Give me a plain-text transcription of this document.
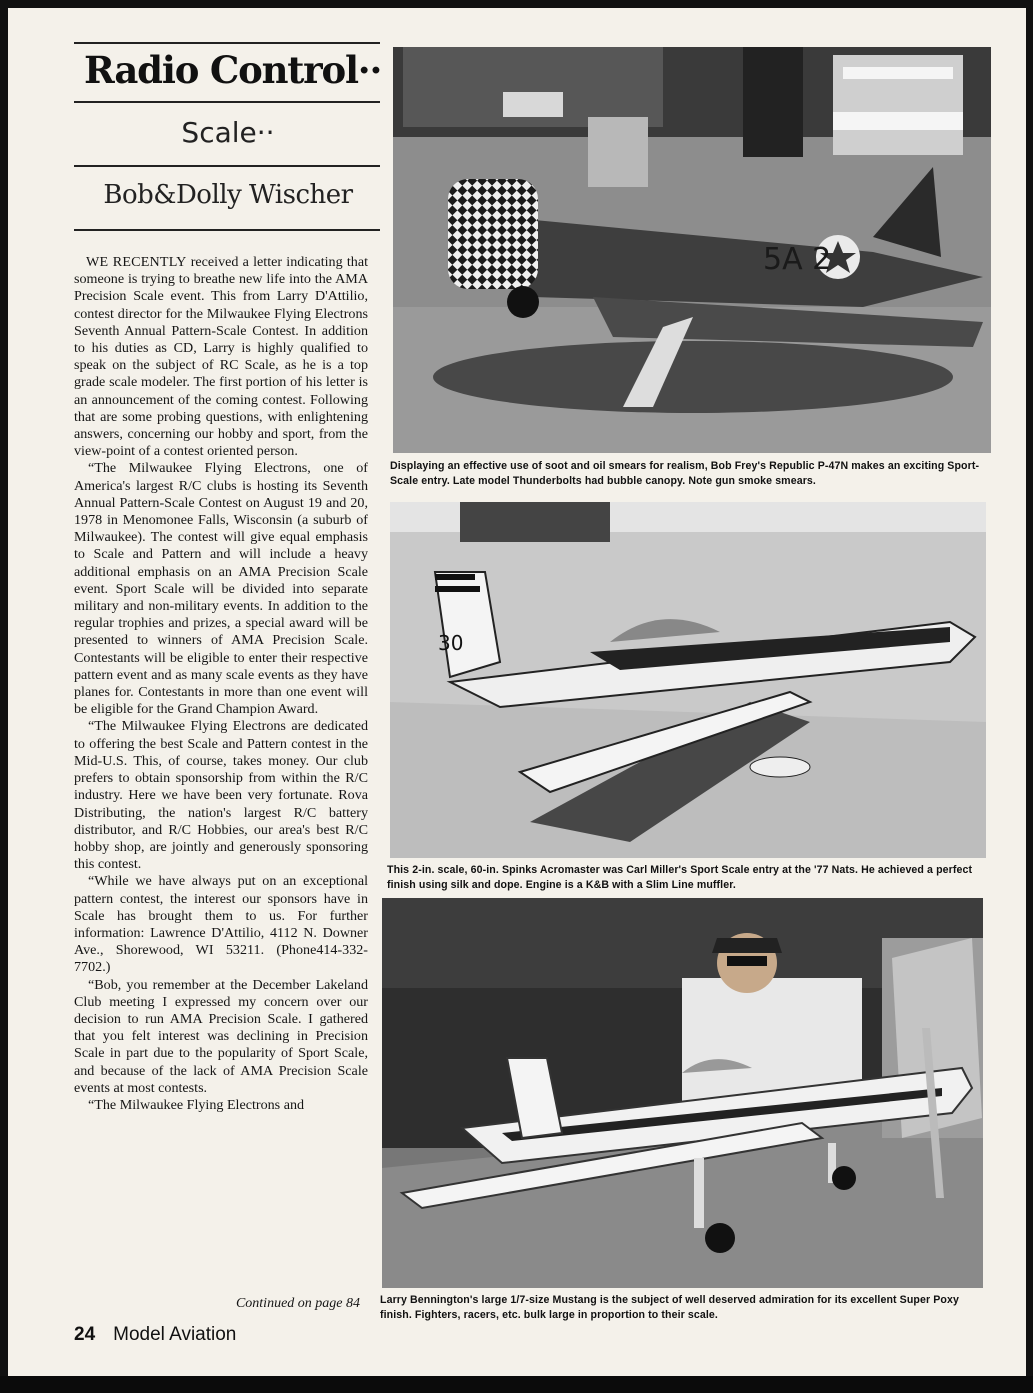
Radio Control··
Scale··
Bob&Dolly Wischer

WE RECENTLY received a letter indicating that someone is trying to breathe new life into the AMA Precision Scale event. This from Larry D'Attilio, contest director for the Milwaukee Flying Electrons Seventh Annual Pattern-Scale Contest. In addition to his duties as CD, Larry is highly qualified to speak on the subject of RC Scale, as he is a top grade scale modeler. The first portion of his letter is an announcement of the coming contest. Following that are some probing questions, with enlightening answers, concerning our hobby and sport, from the view-point of a contest oriented person.

“The Milwaukee Flying Electrons, one of America's largest R/C clubs is hosting its Seventh Annual Pattern-Scale Contest on August 19 and 20, 1978 in Menomonee Falls, Wisconsin (a suburb of Milwaukee). The contest will give equal emphasis to Scale and Pattern and will include a heavy additional emphasis on an AMA Precision Scale event. Sport Scale will be divided into separate military and non-military events. In addition to the regular trophies and prizes, a special award will be presented to winners of AMA Precision Scale. Contestants will be eligible to enter their respective pattern event and as many scale events as they have planes for. Contestants in more than one event will be eligible for the Grand Champion Award.

“The Milwaukee Flying Electrons are dedicated to offering the best Scale and Pattern contest in the Mid-U.S. This, of course, takes money. Our club prefers to obtain sponsorship from within the R/C industry. Here we have been very fortunate. Rova Distributing, the nation's largest R/C battery distributor, and R/C Hobbies, our area's best R/C hobby shop, are jointly and generously sponsoring this contest.

“While we have always put on an exceptional pattern contest, the interest our sponsors have in Scale has brought them to us. For further information: Lawrence D'Attilio, 4112 N. Downer Ave., Shorewood, WI 53211. (Phone414-332-7702.)

“Bob, you remember at the December Lakeland Club meeting I expressed my concern over our decision to run AMA Precision Scale. I gathered that you felt interest was declining in Precision Scale in part due to the popularity of Sport Scale, and because of the lack of AMA Precision Scale events at most contests.

“The Milwaukee Flying Electrons and

Continued on page 84
24 Model Aviation
5A 2
Displaying an effective use of soot and oil smears for realism, Bob Frey's Republic P-47N makes an exciting Sport-Scale entry. Late model Thunderbolts had bubble canopy. Note gun smoke smears.
30
This 2-in. scale, 60-in. Spinks Acromaster was Carl Miller's Sport Scale entry at the '77 Nats. He achieved a perfect finish using silk and dope. Engine is a K&B with a Slim Line muffler.
Larry Bennington's large 1/7-size Mustang is the subject of well deserved admiration for its excellent Super Poxy finish. Fighters, racers, etc. bulk large in proportion to their scale.
